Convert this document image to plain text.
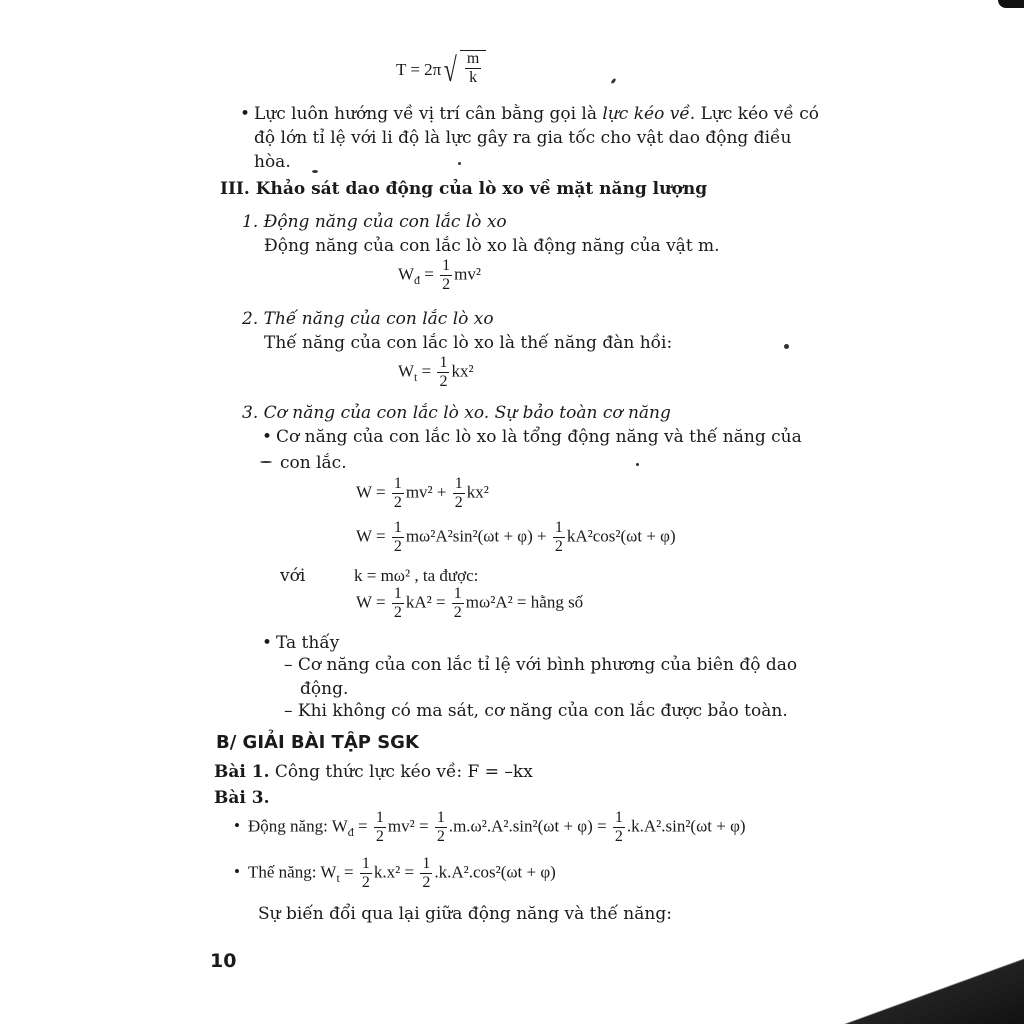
T = 2π √ $\frac{m}{k}$
• Lực luôn hướng về vị trí cân bằng gọi là lực kéo về. Lực kéo về có
độ lớn tỉ lệ với li độ là lực gây ra gia tốc cho vật dao động điều
hòa.
III. Khảo sát dao động của lò xo về mặt năng lượng
1. Động năng của con lắc lò xo
Động năng của con lắc lò xo là động năng của vật m.
$W_đ = \frac{1}{2} mv^2$
2. Thế năng của con lắc lò xo
Thế năng của con lắc lò xo là thế năng đàn hồi:
$W_t = \frac{1}{2} kx^2$
3. Cơ năng của con lắc lò xo. Sự bảo toàn cơ năng
• Cơ năng của con lắc lò xo là tổng động năng và thế năng của
con lắc.
$W = \frac{1}{2} mv^2 + \frac{1}{2} kx^2$
$W = \frac{1}{2} m\omega^2A^2\sin^2(\omega t + \varphi) + \frac{1}{2} kA^2\cos^2(\omega t + \varphi)$
với	k = mω² , ta được:
$W = \frac{1}{2} kA^2 = \frac{1}{2} m\omega^2A^2$ = hằng số
• Ta thấy
– Cơ năng của con lắc tỉ lệ với bình phương của biên độ dao
động.
– Khi không có ma sát, cơ năng của con lắc được bảo toàn.
B/ GIẢI BÀI TẬP SGK
Bài 1. Công thức lực kéo về: F = –kx
Bài 3.
• Động năng: $W_đ = \frac{1}{2} mv^2 = \frac{1}{2} .m.\omega^2.A^2.\sin^2(\omega t + \varphi) = \frac{1}{2} .k.A^2.\sin^2(\omega t + \varphi)$
• Thế năng: $W_t = \frac{1}{2} k.x^2 = \frac{1}{2} .k.A^2.\cos^2(\omega t + \varphi)$
Sự biến đổi qua lại giữa động năng và thế năng:
10
